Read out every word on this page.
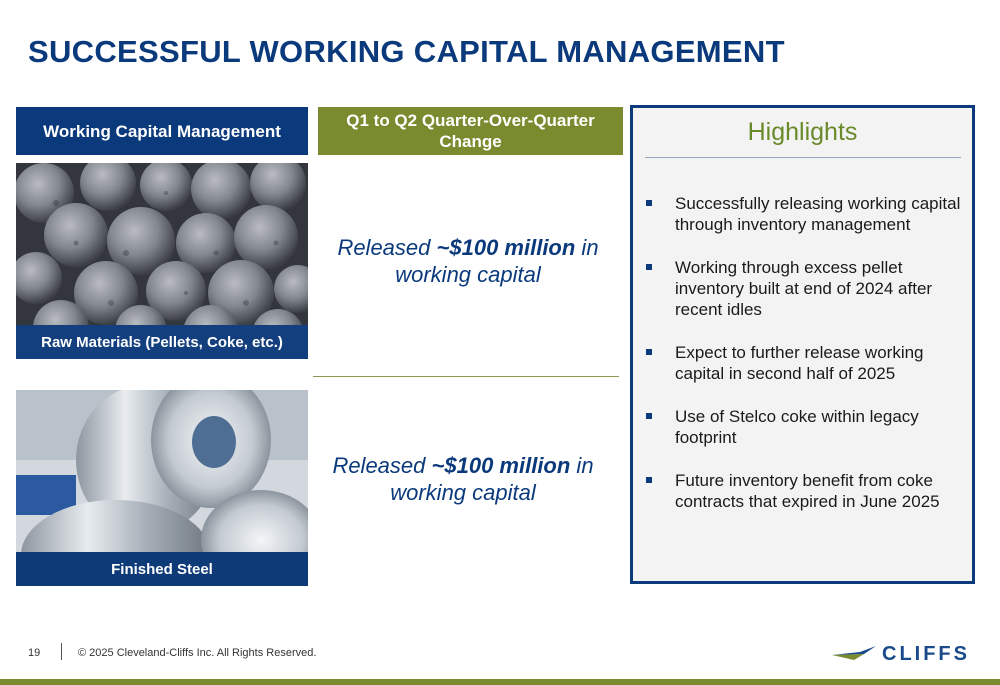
SUCCESSFUL WORKING CAPITAL MANAGEMENT
Working Capital Management
Q1 to Q2 Quarter-Over-Quarter Change
Raw Materials (Pellets, Coke, etc.)
Finished Steel
Released ~$100 million in working capital
Released ~$100 million in working capital
Highlights
Successfully releasing working capital through inventory management
Working through excess pellet inventory built at end of 2024 after recent idles
Expect to further release working capital in second half of 2025
Use of Stelco coke within legacy footprint
Future inventory benefit from coke contracts that expired in June 2025
19	© 2025 Cleveland-Cliffs Inc. All Rights Reserved.	CLIFFS
